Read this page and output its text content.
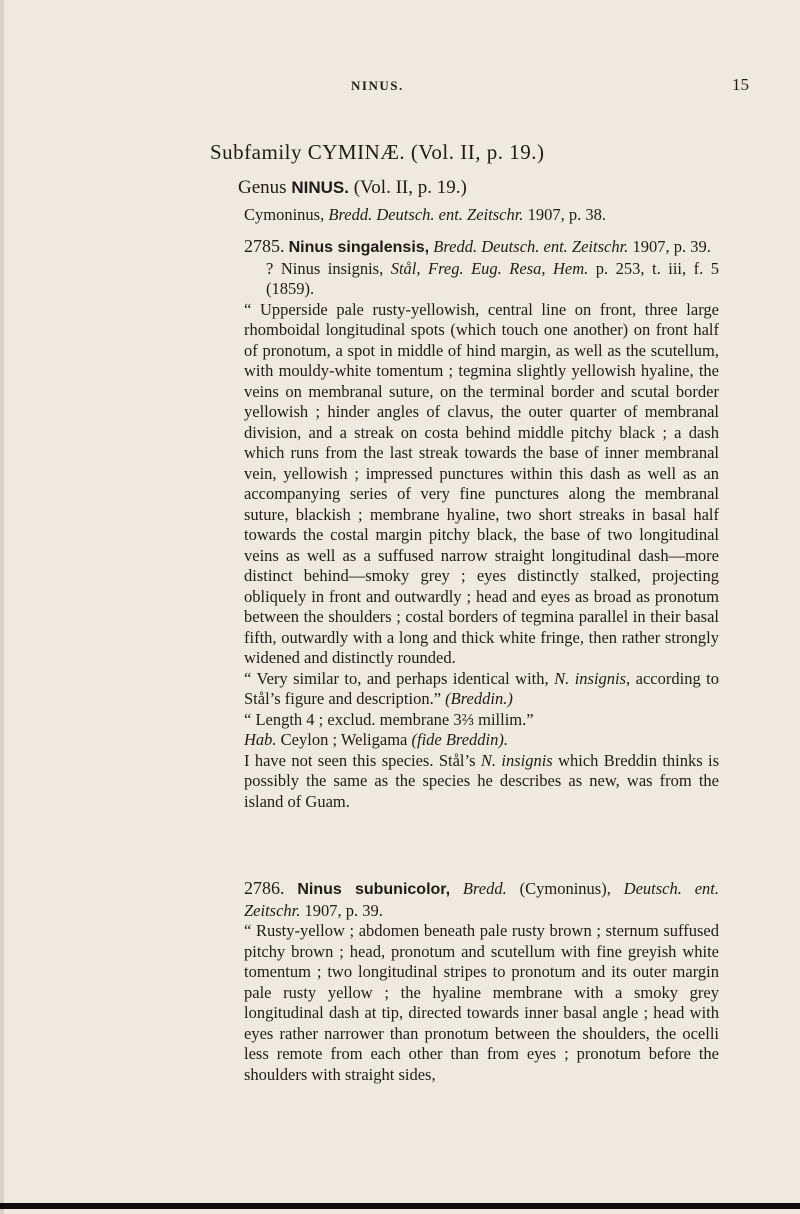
NINUS.	15
Subfamily CYMINÆ. (Vol. II, p. 19.)
Genus NINUS. (Vol. II, p. 19.)
Cymoninus, Bredd. Deutsch. ent. Zeitschr. 1907, p. 38.

2785. Ninus singalensis, Bredd. Deutsch. ent. Zeitschr. 1907, p. 39.

? Ninus insignis, Stål, Freg. Eug. Resa, Hem. p. 253, t. iii, f. 5 (1859).

“ Upperside pale rusty-yellowish, central line on front, three large rhomboidal longitudinal spots (which touch one another) on front half of pronotum, a spot in middle of hind margin, as well as the scutellum, with mouldy-white tomentum ; tegmina slightly yellowish hyaline, the veins on membranal suture, on the terminal border and scutal border yellowish ; hinder angles of clavus, the outer quarter of membranal division, and a streak on costa behind middle pitchy black ; a dash which runs from the last streak towards the base of inner membranal vein, yellowish ; impressed punctures within this dash as well as an accompanying series of very fine punctures along the membranal suture, blackish ; membrane hyaline, two short streaks in basal half towards the costal margin pitchy black, the base of two longitudinal veins as well as a suffused narrow straight longitudinal dash—more distinct behind—smoky grey ; eyes distinctly stalked, projecting obliquely in front and outwardly ; head and eyes as broad as pronotum between the shoulders ; costal borders of tegmina parallel in their basal fifth, outwardly with a long and thick white fringe, then rather strongly widened and distinctly rounded.

“ Very similar to, and perhaps identical with, N. insignis, according to Stål’s figure and description.” (Breddin.)

“ Length 4 ; exclud. membrane 3⅔ millim.”

Hab. Ceylon ; Weligama (fide Breddin).

I have not seen this species. Stål’s N. insignis which Breddin thinks is possibly the same as the species he describes as new, was from the island of Guam.

2786. Ninus subunicolor, Bredd. (Cymoninus), Deutsch. ent. Zeitschr. 1907, p. 39.

“ Rusty-yellow ; abdomen beneath pale rusty brown ; sternum suffused pitchy brown ; head, pronotum and scutellum with fine greyish white tomentum ; two longitudinal stripes to pronotum and its outer margin pale rusty yellow ; the hyaline membrane with a smoky grey longitudinal dash at tip, directed towards inner basal angle ; head with eyes rather narrower than pronotum between the shoulders, the ocelli less remote from each other than from eyes ; pronotum before the shoulders with straight sides,
